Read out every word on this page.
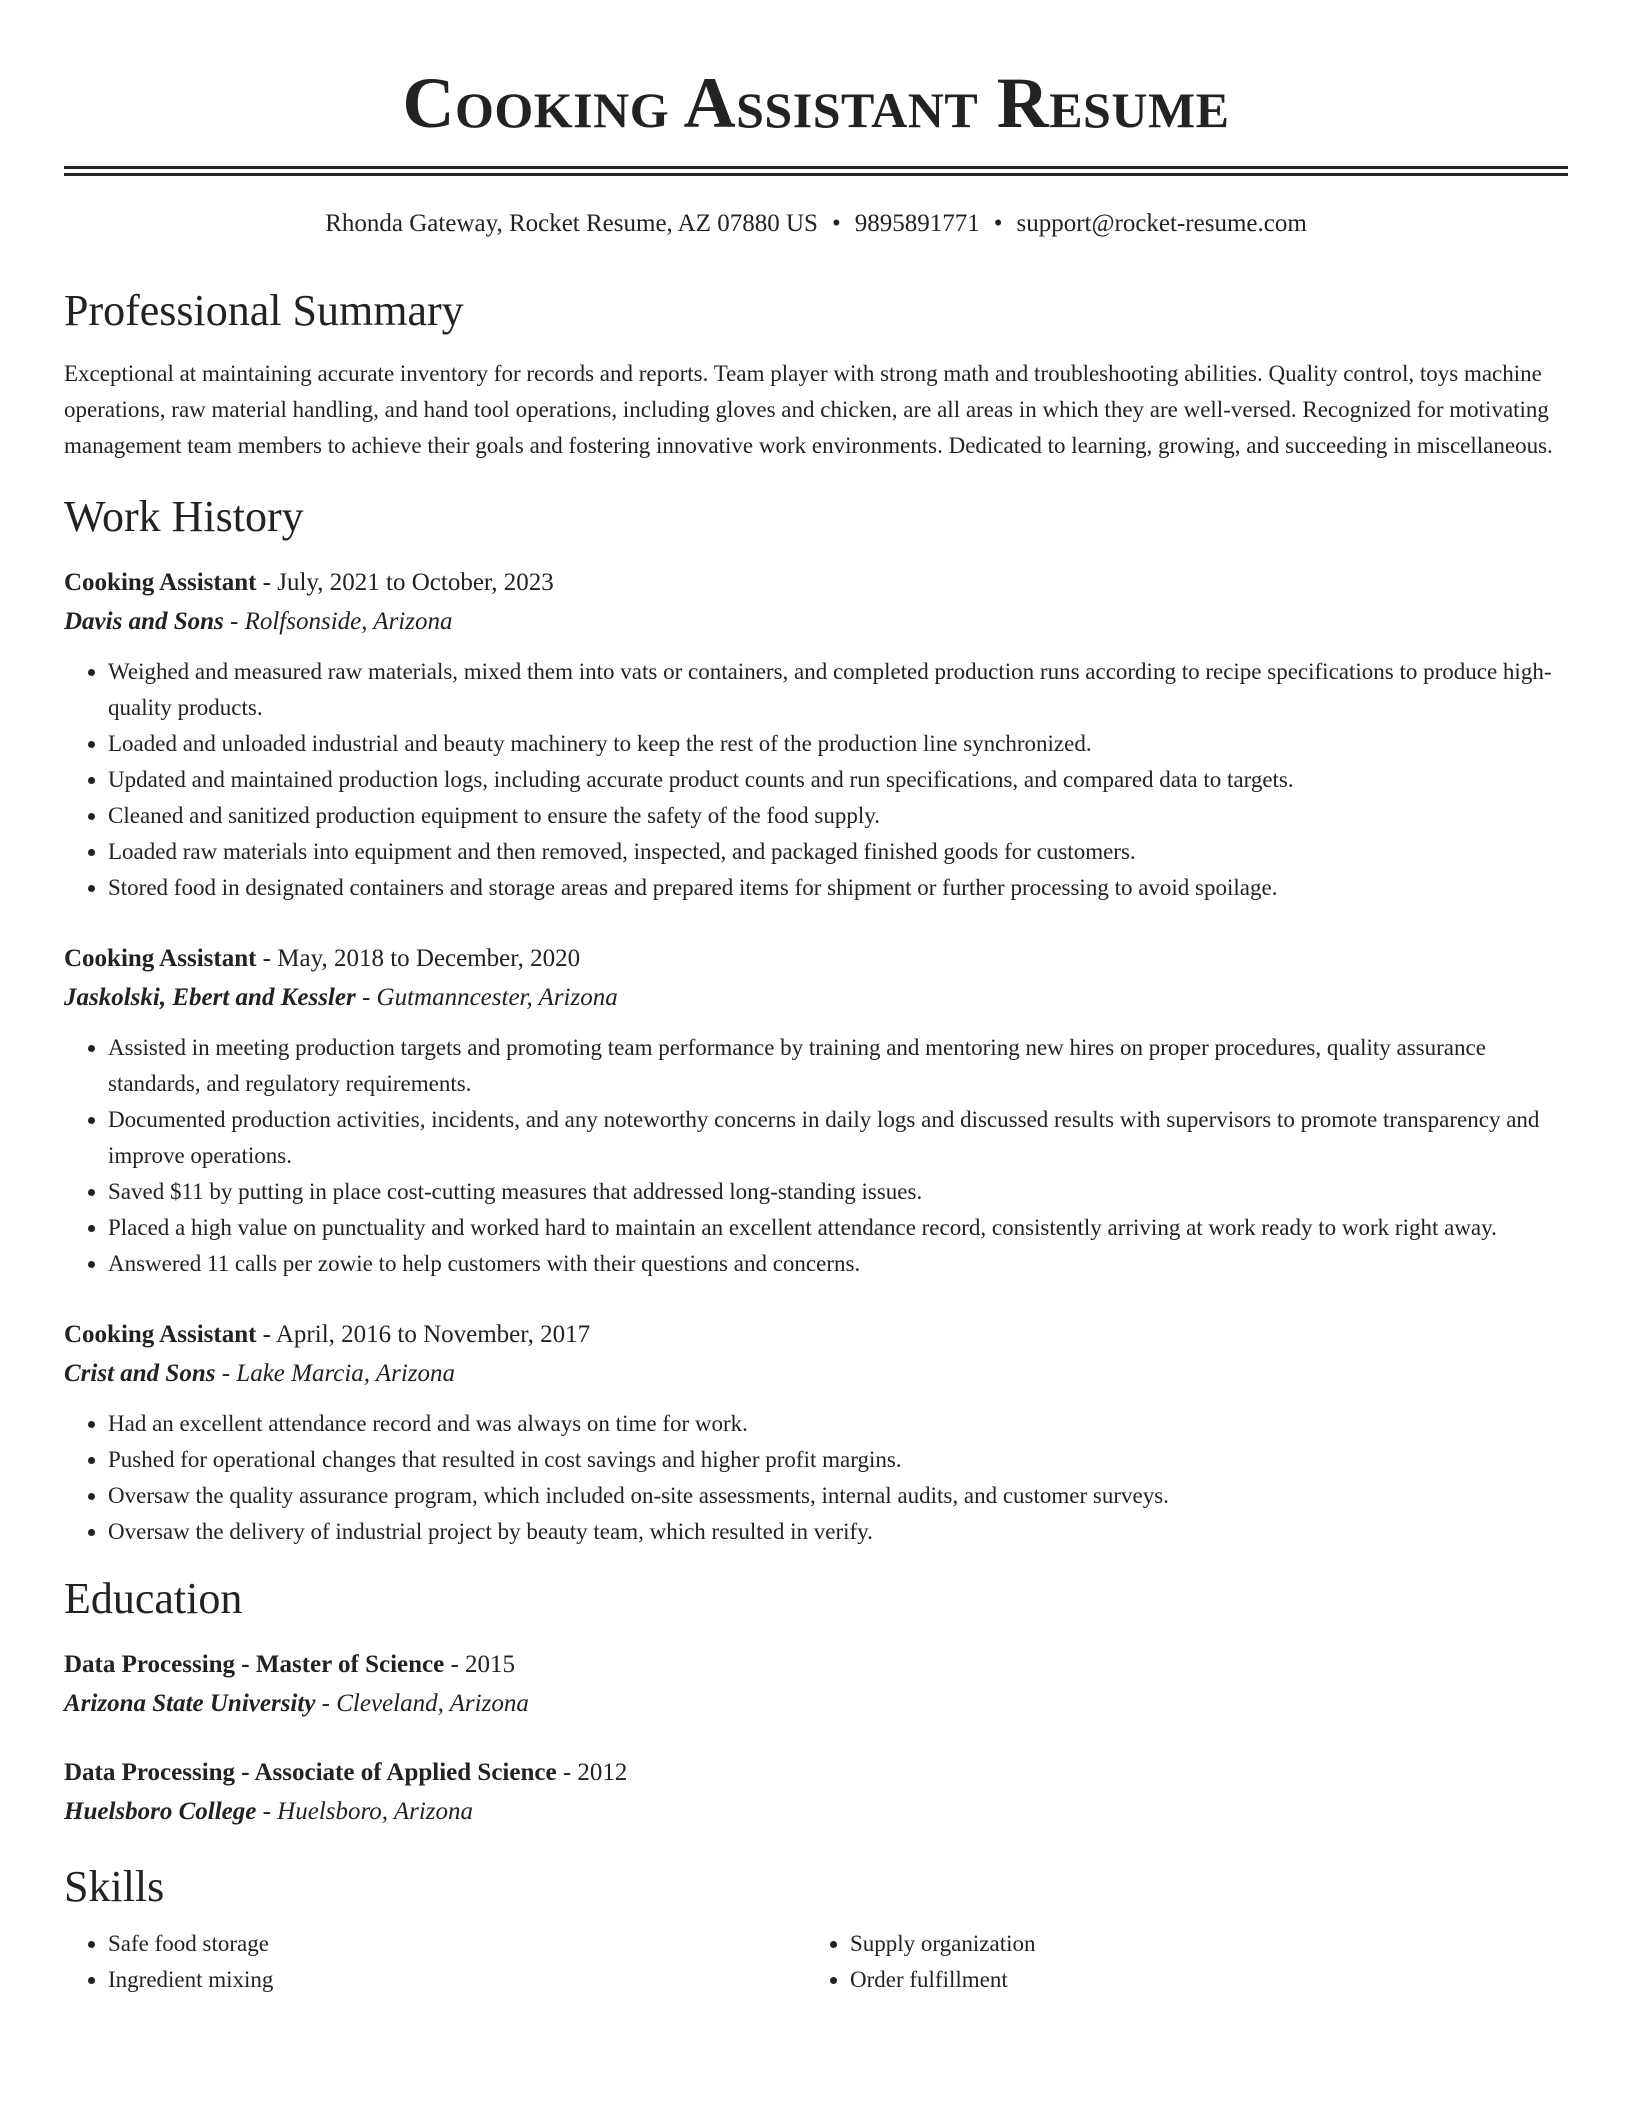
Cooking Assistant Resume
Rhonda Gateway, Rocket Resume, AZ 07880 US • 9895891771 • support@rocket-resume.com
Professional Summary

Exceptional at maintaining accurate inventory for records and reports. Team player with strong math and troubleshooting abilities. Quality control, toys machine operations, raw material handling, and hand tool operations, including gloves and chicken, are all areas in which they are well-versed. Recognized for motivating management team members to achieve their goals and fostering innovative work environments. Dedicated to learning, growing, and succeeding in miscellaneous.

Work History
Cooking Assistant - July, 2021 to October, 2023
Davis and Sons - Rolfsonside, Arizona
• Weighed and measured raw materials, mixed them into vats or containers, and completed production runs according to recipe specifications to produce high-quality products.
• Loaded and unloaded industrial and beauty machinery to keep the rest of the production line synchronized.
• Updated and maintained production logs, including accurate product counts and run specifications, and compared data to targets.
• Cleaned and sanitized production equipment to ensure the safety of the food supply.
• Loaded raw materials into equipment and then removed, inspected, and packaged finished goods for customers.
• Stored food in designated containers and storage areas and prepared items for shipment or further processing to avoid spoilage.
Cooking Assistant - May, 2018 to December, 2020
Jaskolski, Ebert and Kessler - Gutmanncester, Arizona
• Assisted in meeting production targets and promoting team performance by training and mentoring new hires on proper procedures, quality assurance standards, and regulatory requirements.
• Documented production activities, incidents, and any noteworthy concerns in daily logs and discussed results with supervisors to promote transparency and improve operations.
• Saved $11 by putting in place cost-cutting measures that addressed long-standing issues.
• Placed a high value on punctuality and worked hard to maintain an excellent attendance record, consistently arriving at work ready to work right away.
• Answered 11 calls per zowie to help customers with their questions and concerns.
Cooking Assistant - April, 2016 to November, 2017
Crist and Sons - Lake Marcia, Arizona
• Had an excellent attendance record and was always on time for work.
• Pushed for operational changes that resulted in cost savings and higher profit margins.
• Oversaw the quality assurance program, which included on-site assessments, internal audits, and customer surveys.
• Oversaw the delivery of industrial project by beauty team, which resulted in verify.
Education
Data Processing - Master of Science - 2015
Arizona State University - Cleveland, Arizona
Data Processing - Associate of Applied Science - 2012
Huelsboro College - Huelsboro, Arizona
Skills
• Safe food storage
• Ingredient mixing
• Supply organization
• Order fulfillment
